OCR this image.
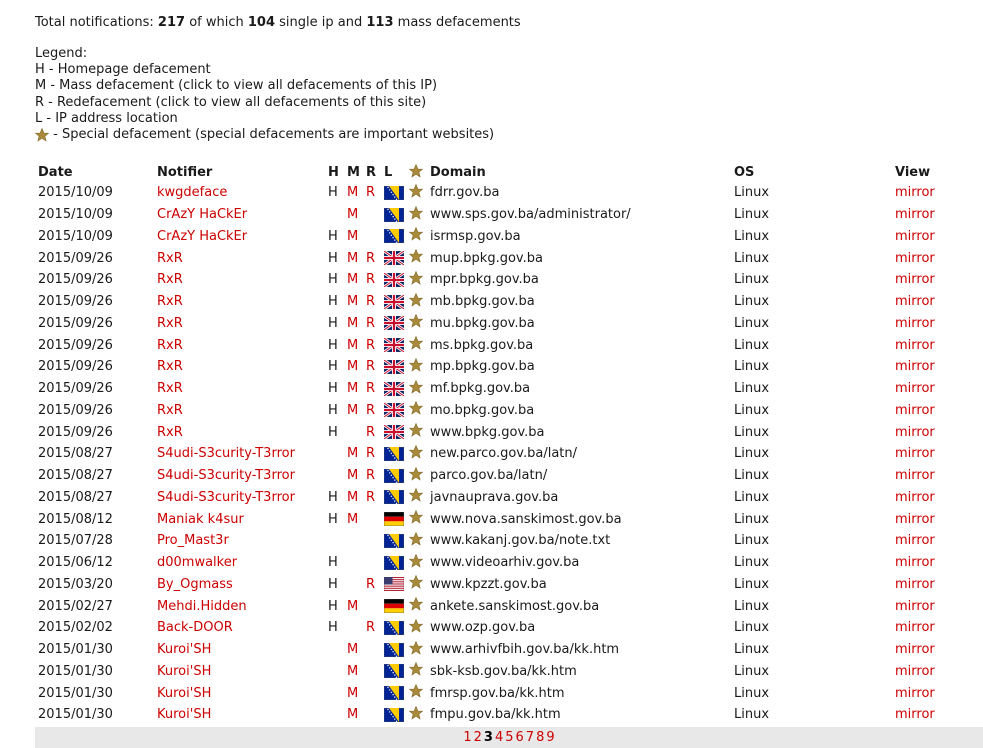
Total notifications: 217 of which 104 single ip and 113 mass defacements
Legend:
H - Homepage defacement
M - Mass defacement (click to view all defacements of this IP)
R - Redefacement (click to view all defacements of this site)
L - IP address location
- Special defacement (special defacements are important websites)
Date	Notifier	H	M	R	L		Domain	OS	View
2015/10/09	kwgdeface	H	M	R			fdrr.gov.ba	Linux	mirror
2015/10/09	CrAzY HaCkEr		M				www.sps.gov.ba/administrator/	Linux	mirror
2015/10/09	CrAzY HaCkEr	H	M				isrmsp.gov.ba	Linux	mirror
2015/09/26	RxR	H	M	R			mup.bpkg.gov.ba	Linux	mirror
2015/09/26	RxR	H	M	R			mpr.bpkg.gov.ba	Linux	mirror
2015/09/26	RxR	H	M	R			mb.bpkg.gov.ba	Linux	mirror
2015/09/26	RxR	H	M	R			mu.bpkg.gov.ba	Linux	mirror
2015/09/26	RxR	H	M	R			ms.bpkg.gov.ba	Linux	mirror
2015/09/26	RxR	H	M	R			mp.bpkg.gov.ba	Linux	mirror
2015/09/26	RxR	H	M	R			mf.bpkg.gov.ba	Linux	mirror
2015/09/26	RxR	H	M	R			mo.bpkg.gov.ba	Linux	mirror
2015/09/26	RxR	H		R			www.bpkg.gov.ba	Linux	mirror
2015/08/27	S4udi-S3curity-T3rror		M	R			new.parco.gov.ba/latn/	Linux	mirror
2015/08/27	S4udi-S3curity-T3rror		M	R			parco.gov.ba/latn/	Linux	mirror
2015/08/27	S4udi-S3curity-T3rror	H	M	R			javnauprava.gov.ba	Linux	mirror
2015/08/12	Maniak k4sur	H	M				www.nova.sanskimost.gov.ba	Linux	mirror
2015/07/28	Pro_Mast3r						www.kakanj.gov.ba/note.txt	Linux	mirror
2015/06/12	d00mwalker	H					www.videoarhiv.gov.ba	Linux	mirror
2015/03/20	By_Ogmass	H		R			www.kpzzt.gov.ba	Linux	mirror
2015/02/27	Mehdi.Hidden	H	M				ankete.sanskimost.gov.ba	Linux	mirror
2015/02/02	Back-DOOR	H		R			www.ozp.gov.ba	Linux	mirror
2015/01/30	Kuroi'SH		M				www.arhivfbih.gov.ba/kk.htm	Linux	mirror
2015/01/30	Kuroi'SH		M				sbk-ksb.gov.ba/kk.htm	Linux	mirror
2015/01/30	Kuroi'SH		M				fmrsp.gov.ba/kk.htm	Linux	mirror
2015/01/30	Kuroi'SH		M				fmpu.gov.ba/kk.htm	Linux	mirror
1 2 3 4 5 6 7 8 9
